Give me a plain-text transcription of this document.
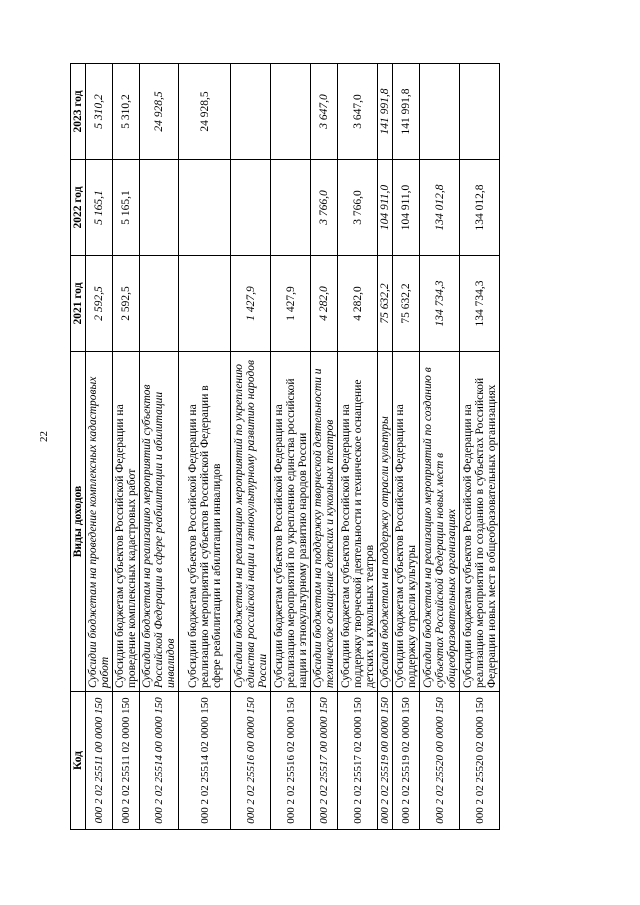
22
Код	Виды доходов	2021 год	2022 год	2023 год
000 2 02 25511 00 0000 150	Субсидии бюджетам на проведение комплексных кадастровых работ	2 592,5	5 165,1	5 310,2
000 2 02 25511 02 0000 150	Субсидии бюджетам субъектов Российской Федерации на проведение комплексных кадастровых работ	2 592,5	5 165,1	5 310,2
000 2 02 25514 00 0000 150	Субсидии бюджетам на реализацию мероприятий субъектов Российской Федерации в сфере реабилитации и абилитации инвалидов			24 928,5
000 2 02 25514 02 0000 150	Субсидии бюджетам субъектов Российской Федерации на реализацию мероприятий субъектов Российской Федерации в сфере реабилитации и абилитации инвалидов			24 928,5
000 2 02 25516 00 0000 150	Субсидии бюджетам на реализацию мероприятий по укреплению единства российской нации и этнокультурному развитию народов России	1 427,9		
000 2 02 25516 02 0000 150	Субсидии бюджетам субъектов Российской Федерации на реализацию мероприятий по укреплению единства российской нации и этнокультурному развитию народов России	1 427,9		
000 2 02 25517 00 0000 150	Субсидии бюджетам на поддержку творческой деятельности и техническое оснащение детских и кукольных театров	4 282,0	3 766,0	3 647,0
000 2 02 25517 02 0000 150	Субсидии бюджетам субъектов Российской Федерации на поддержку творческой деятельности и техническое оснащение детских и кукольных театров	4 282,0	3 766,0	3 647,0
000 2 02 25519 00 0000 150	Субсидия бюджетам на поддержку отрасли культуры	75 632,2	104 911,0	141 991,8
000 2 02 25519 02 0000 150	Субсидии бюджетам субъектов Российской Федерации на поддержку отрасли культуры	75 632,2	104 911,0	141 991,8
000 2 02 25520 00 0000 150	Субсидии бюджетам на реализацию мероприятий по созданию в субъектах Российской Федерации новых мест в общеобразовательных организациях	134 734,3	134 012,8	
000 2 02 25520 02 0000 150	Субсидии бюджетам субъектов Российской Федерации на реализацию мероприятий по созданию в субъектах Российской Федерации новых мест в общеобразовательных организациях	134 734,3	134 012,8	
